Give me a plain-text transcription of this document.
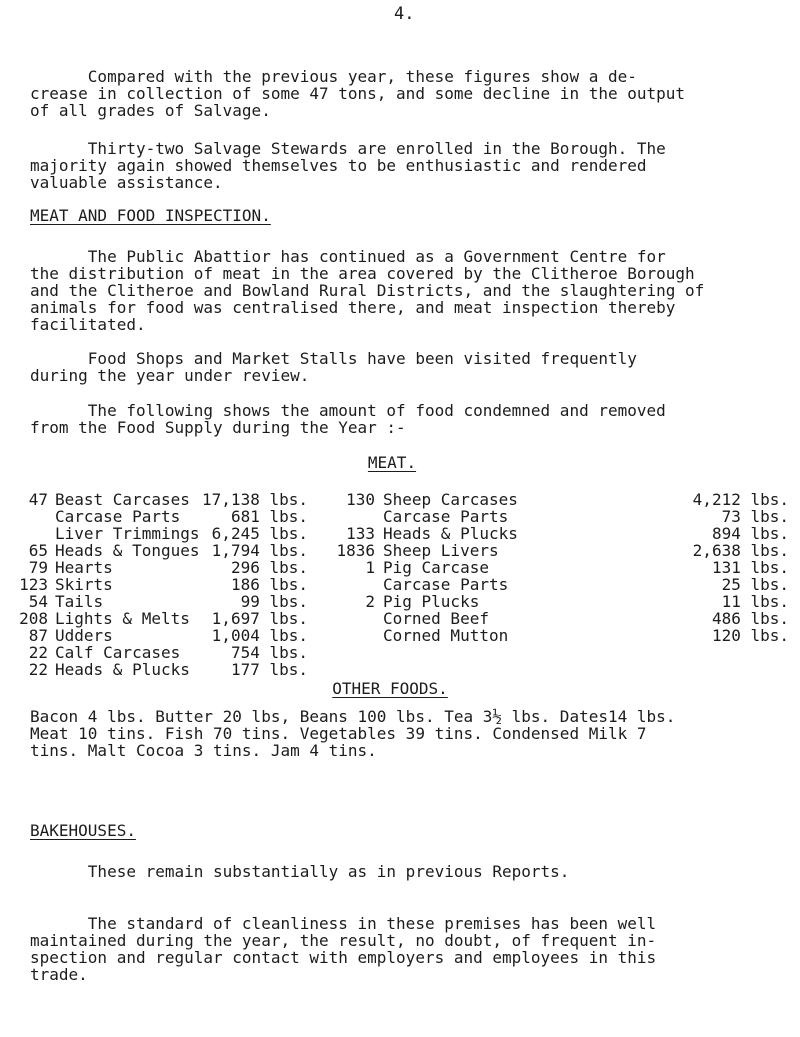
4.
Compared with the previous year, these figures show a de-
crease in collection of some 47 tons, and some decline in the output
of all grades of Salvage.
Thirty-two Salvage Stewards are enrolled in the Borough. The
majority again showed themselves to be enthusiastic and rendered
valuable assistance.
MEAT AND FOOD INSPECTION.
The Public Abattior has continued as a Government Centre for
the distribution of meat in the area covered by the Clitheroe Borough
and the Clitheroe and Bowland Rural Districts, and the slaughtering of
animals for food was centralised there, and meat inspection thereby
facilitated.
Food Shops and Market Stalls have been visited frequently
during the year under review.
The following shows the amount of food condemned and removed
from the Food Supply during the Year :-
MEAT.
47 Beast Carcases 17,138 lbs.
Carcase Parts	681 lbs.
Liver Trimmings 6,245 lbs.
65 Heads & Tongues 1,794 lbs.
79 Hearts	296 lbs.
123 Skirts	186 lbs.
54 Tails	99 lbs.
208 Lights & Melts 1,697 lbs.
87 Udders	1,004 lbs.
22 Calf Carcases	754 lbs.
22 Heads & Plucks	177 lbs.
130 Sheep Carcases	4,212 lbs.
Carcase Parts	73 lbs.
133 Heads & Plucks	894 lbs.
1836 Sheep Livers	2,638 lbs.
1 Pig Carcase	131 lbs.
Carcase Parts	25 lbs.
2 Pig Plucks	11 lbs.
Corned Beef	486 lbs.
Corned Mutton	120 lbs.
OTHER FOODS.
Bacon 4 lbs. Butter 20 lbs, Beans 100 lbs. Tea 3½ lbs. Dates14 lbs.
Meat 10 tins. Fish 70 tins. Vegetables 39 tins. Condensed Milk 7
tins. Malt Cocoa 3 tins. Jam 4 tins.
BAKEHOUSES.
These remain substantially as in previous Reports.
The standard of cleanliness in these premises has been well
maintained during the year, the result, no doubt, of frequent in-
spection and regular contact with employers and employees in this
trade.
